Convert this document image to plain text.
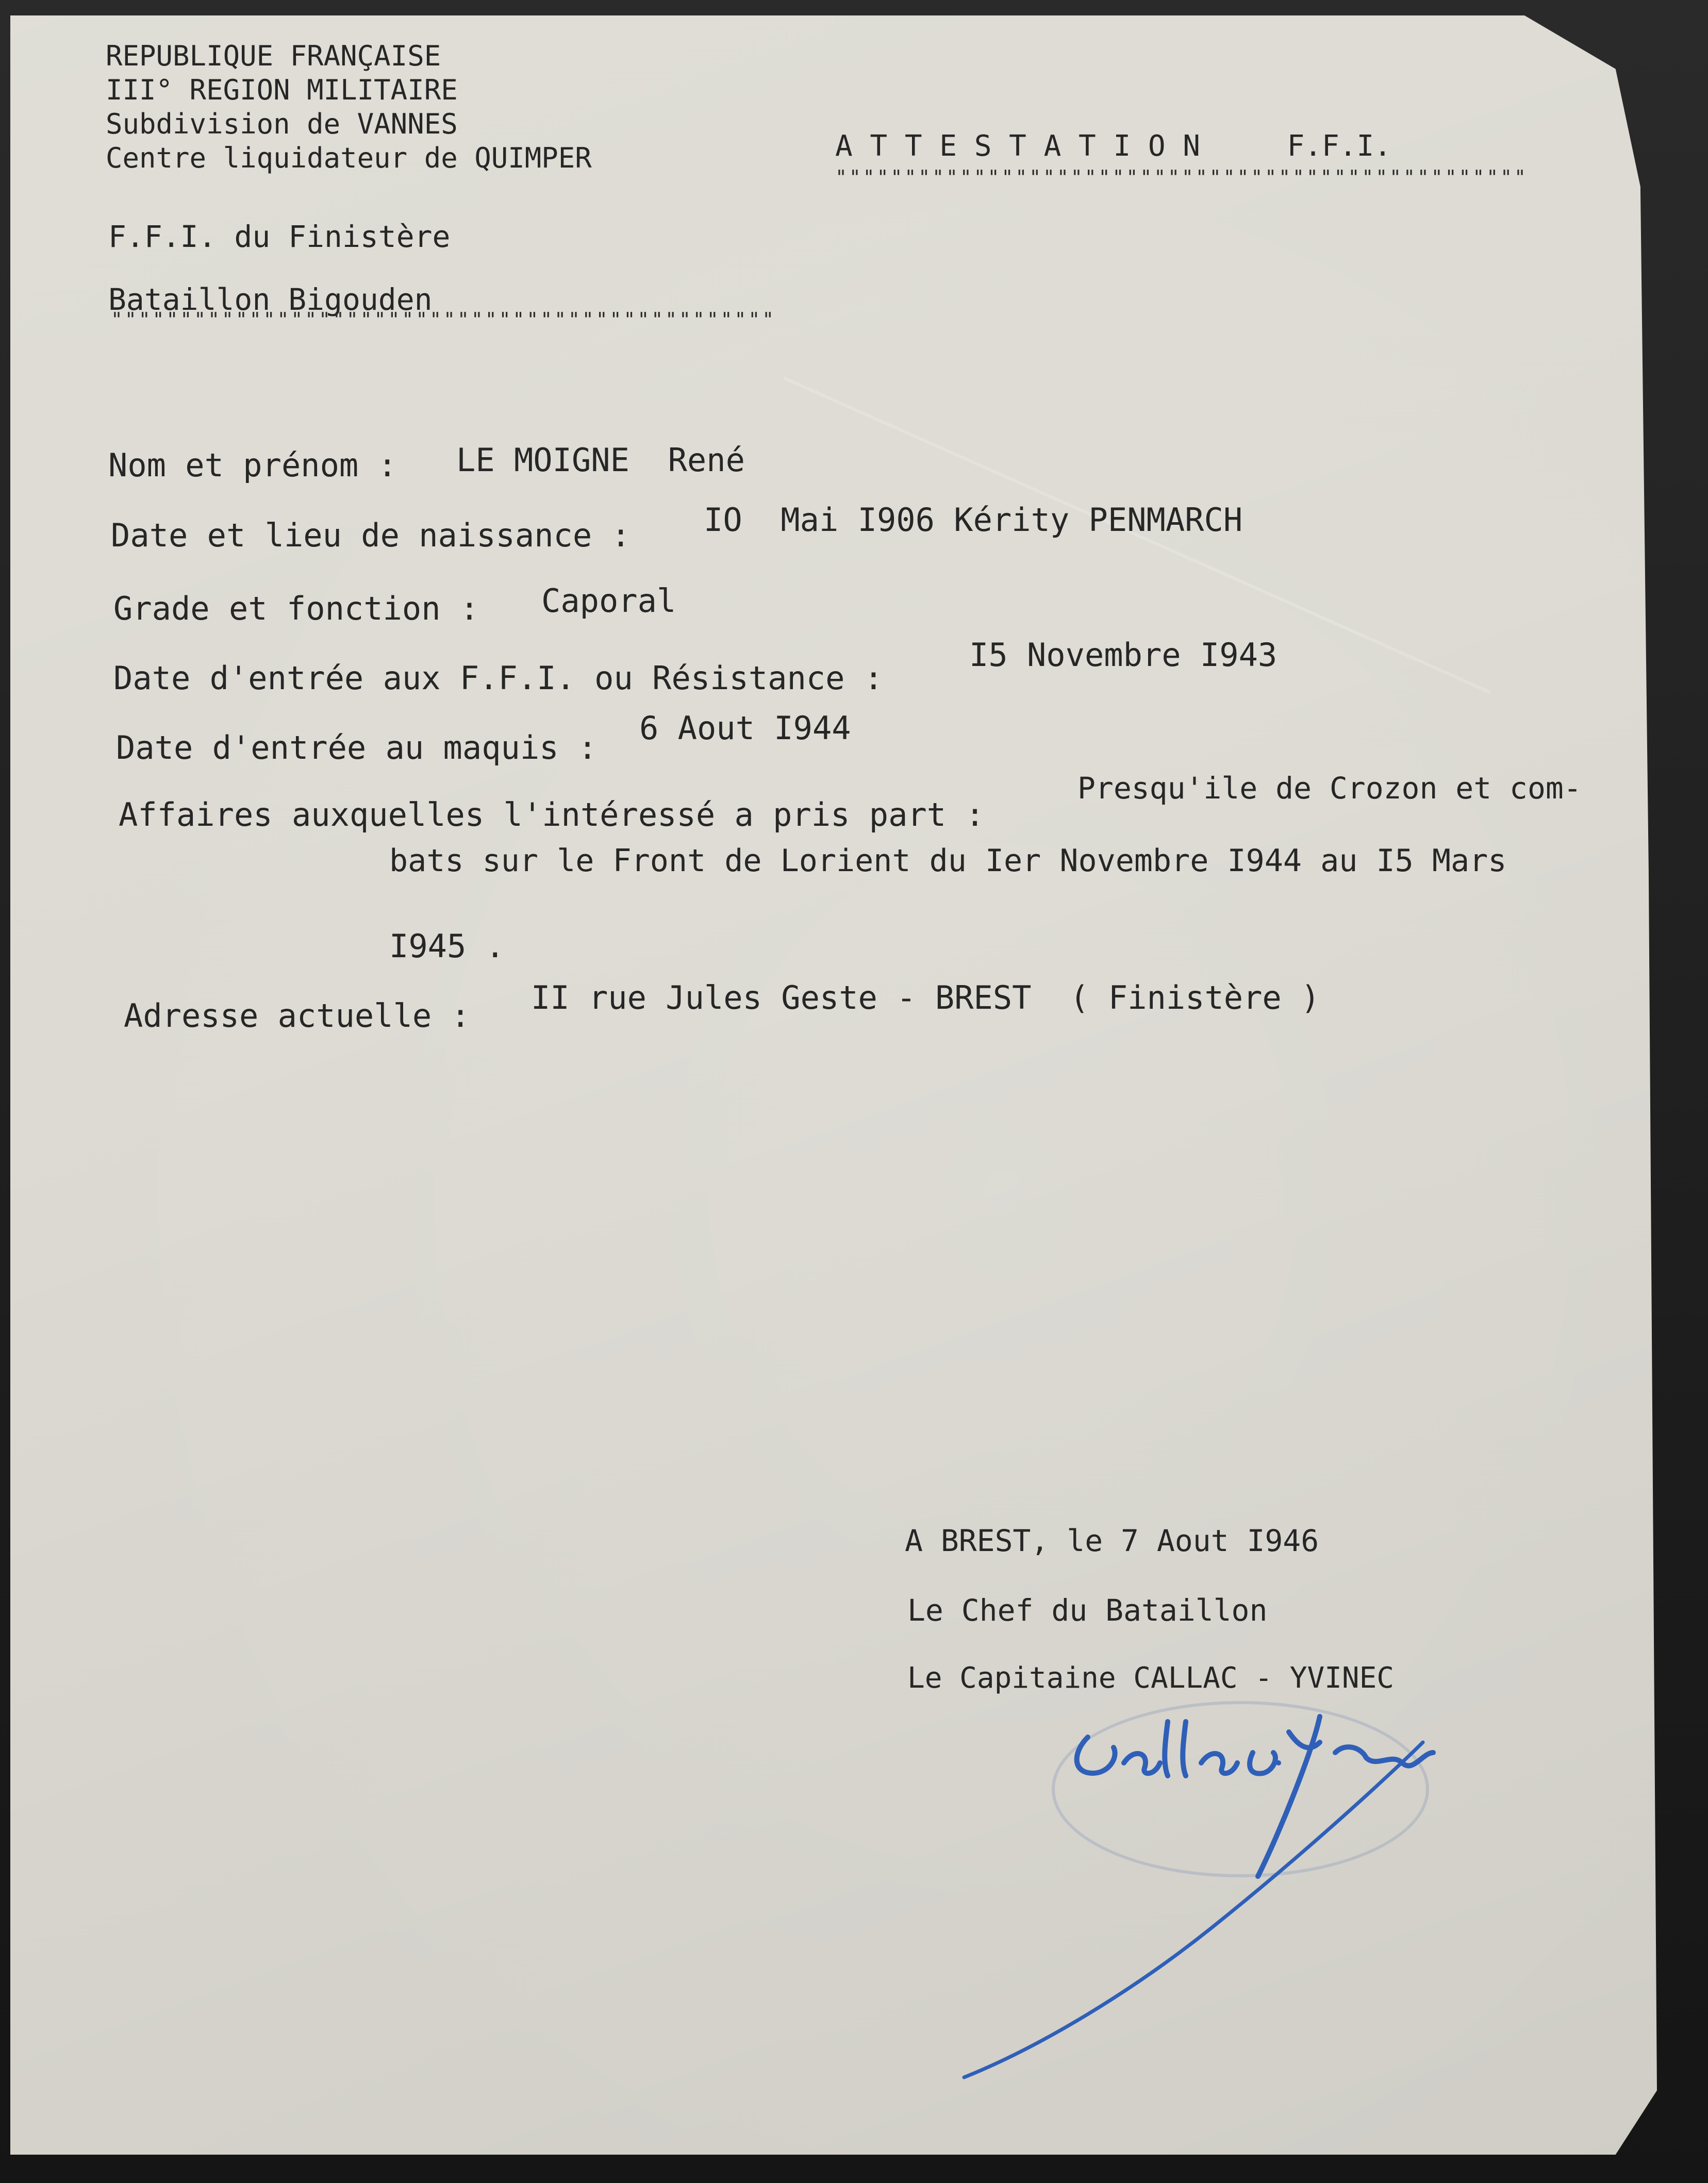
REPUBLIQUE FRANÇAISE
III° REGION MILITAIRE
Subdivision de VANNES
Centre liquidateur de QUIMPER	A T T E S T A T I O N     F.F.I.
""""""""""""""""""""""""""""""""""""""""""""""""""
F.F.I. du Finistère
Bataillon Bigouden
""""""""""""""""""""""""""""""""""""""""""""""""
Nom et prénom : LE MOIGNE  René
Date et lieu de naissance : IO  Mai I906 Kérity PENMARCH
Grade et fonction : Caporal
Date d'entrée aux F.F.I. ou Résistance :
I5 Novembre I943
Date d'entrée au maquis :
6 Aout I944
Affaires auxquelles l'intéressé a pris part :
Presqu'ile de Crozon et com-
bats sur le Front de Lorient du Ier Novembre I944 au I5 Mars
I945 .
Adresse actuelle : II rue Jules Geste - BREST  ( Finistère )
A BREST, le 7 Aout I946
Le Chef du Bataillon
Le Capitaine CALLAC - YVINEC
